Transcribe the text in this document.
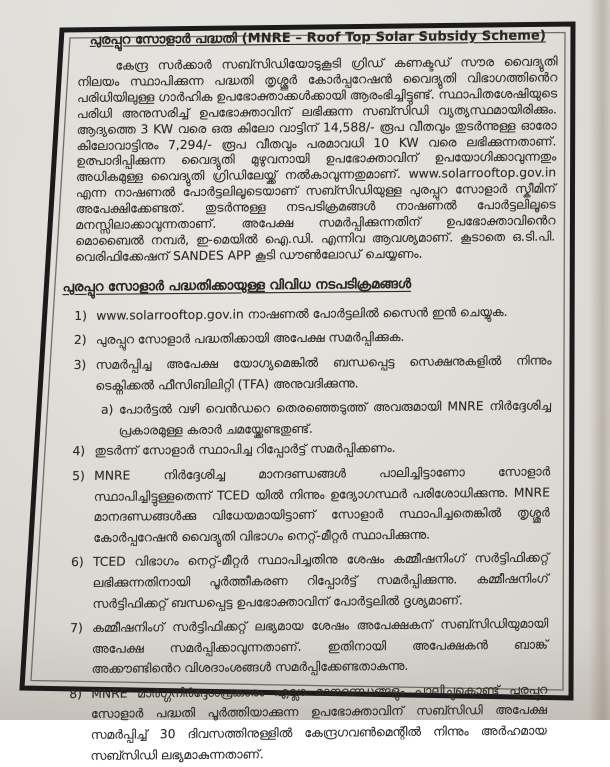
പുരപ്പുറ സോളാർ പദ്ധതി (MNRE – Roof Top Solar Subsidy Scheme)

കേന്ദ്ര സർക്കാർ സബ്സിഡിയോടുകൂടി ഗ്രിഡ് കണക്ടഡ് സൗര വൈദ്യുതി നിലയം സ്ഥാപിക്കുന്ന പദ്ധതി തൃശ്ശൂർ കോർപ്പറേഷൻ വൈദ്യുതി വിഭാഗത്തിൻെറ പരിധിയിലുള്ള ഗാർഹിക ഉപഭോക്താക്കൾക്കായി ആരംഭിച്ചിട്ടുണ്ട്. സ്ഥാപിതശേഷിയുടെ പരിധി അനുസരിച്ച് ഉപഭോക്താവിന് ലഭിക്കുന്ന സബ്സിഡി വ്യത്യസ്ഥമായിരിക്കും. ആദ്യത്തെ 3 KW വരെ ഒരു കിലോ വാട്ടിന് 14,588/- രൂപ വീതവും തുടർന്നുള്ള ഓരോ കിലോവാട്ടിനും 7,294/- രൂപ വീതവും പരമാവധി 10 KW വരെ ലഭിക്കുന്നതാണ്. ഉത്പാദിപ്പിക്കുന്ന വൈദ്യുതി മുഴുവനായി ഉപഭോക്താവിന് ഉപയോഗിക്കാവുന്നതും അധികമുള്ള വൈദ്യുതി ഗ്രിഡിലേയ്ക്ക് നൽകാവുന്നതുമാണ്. www.solarrooftop.gov.in എന്ന നാഷണൽ പോർട്ടലിലൂടെയാണ് സബ്സിഡിയുള്ള പുരപ്പുറ സോളാർ സ്കീമിന് അപേക്ഷിക്കേണ്ടത്. തുടർന്നുള്ള നടപടിക്രമങ്ങൾ നാഷണൽ പോർട്ടലിലൂടെ മനസ്സിലാക്കാവുന്നതാണ്. അപേക്ഷ സമർപ്പിക്കുന്നതിന് ഉപഭോക്താവിൻെറ മൊബൈൽ നമ്പർ, ഇ-മെയിൽ ഐ.ഡി. എന്നിവ ആവശ്യമാണ്. കൂടാതെ ഒ.ടി.പി. വെരിഫിക്കേഷന് SANDES APP കൂടി ഡൗൺലോഡ് ചെയ്യണം.

പുരപ്പുറ സോളാർ പദ്ധതിക്കായുള്ള വിവിധ നടപടിക്രമങ്ങൾ
1) www.solarrooftop.gov.in നാഷണൽ പോർട്ടലിൽ സൈൻ ഇൻ ചെയ്യുക.
2) പുരപ്പുറ സോളാർ പദ്ധതിക്കായി അപേക്ഷ സമർപ്പിക്കുക.
3) സമർപ്പിച്ച അപേക്ഷ യോഗ്യമെങ്കിൽ ബന്ധപ്പെട്ട സെക്ഷനുകളിൽ നിന്നും ടെക്നിക്കൽ ഫീസിബിലിറ്റി (TFA) അനുവദിക്കുന്നു.
a) പോർട്ടൽ വഴി വെൻഡറെ തെരഞ്ഞെടുത്ത് അവരുമായി MNRE നിർദ്ദേശിച്ച പ്രകാരമുള്ള കരാർ ചമയ്ക്കേണ്ടതുണ്ട്.
4) തുടർന്ന് സോളാർ സ്ഥാപിച്ച റിപ്പോർട്ട് സമർപ്പിക്കണം.
5) MNRE നിർദ്ദേശിച്ച മാനദണ്ഡങ്ങൾ പാലിച്ചിട്ടാണോ സോളാർ സ്ഥാപിച്ചിട്ടുള്ളതെന്ന് TCED യിൽ നിന്നും ഉദ്യോഗസ്ഥർ പരിശോധിക്കുന്നു. MNRE മാനദണ്ഡങ്ങൾക്കു വിധേയമായിട്ടാണ് സോളാർ സ്ഥാപിച്ചതെങ്കിൽ തൃശ്ശൂർ കോർപ്പറേഷൻ വൈദ്യുതി വിഭാഗം നെറ്റ്-മീറ്റർ സ്ഥാപിക്കുന്നു.
6) TCED വിഭാഗം നെറ്റ്-മീറ്റർ സ്ഥാപിച്ചതിനു ശേഷം കമ്മീഷനിംഗ് സർട്ടിഫിക്കറ്റ് ലഭിക്കുന്നതിനായി പൂർത്തീകരണ റിപ്പോർട്ട് സമർപ്പിക്കുന്നു. കമ്മീഷനിംഗ് സർട്ടിഫിക്കറ്റ് ബന്ധപ്പെട്ട ഉപഭോക്താവിന് പോർട്ടലിൽ ദൃശ്യമാണ്.
7) കമ്മീഷനിംഗ് സർട്ടിഫിക്കറ്റ് ലഭ്യമായ ശേഷം അപേക്ഷകന് സബ്സിഡിയുമായി അപേക്ഷ സമർപ്പിക്കാവുന്നതാണ്. ഇതിനായി അപേക്ഷകൻ ബാങ്ക് അക്കൗണ്ടിൻെറ വിശദാംശങ്ങൾ സമർപ്പിക്കേണ്ടതാകുന്നു.
8) MNRE മാർഗ്ഗനിർദ്ദേശപ്രകാരം എല്ലാ മാനദണ്ഡങ്ങളും പാലിച്ചുകൊണ്ട് പുരപ്പുറ സോളാർ പദ്ധതി പൂർത്തിയാക്കുന്ന ഉപഭോക്താവിന് സബ്സിഡി അപേക്ഷ സമർപ്പിച്ച് 30 ദിവസത്തിനുള്ളിൽ കേന്ദ്രഗവൺമെന്റിൽ നിന്നും അർഹമായ സബ്സിഡി ലഭ്യമാകുന്നതാണ്.
